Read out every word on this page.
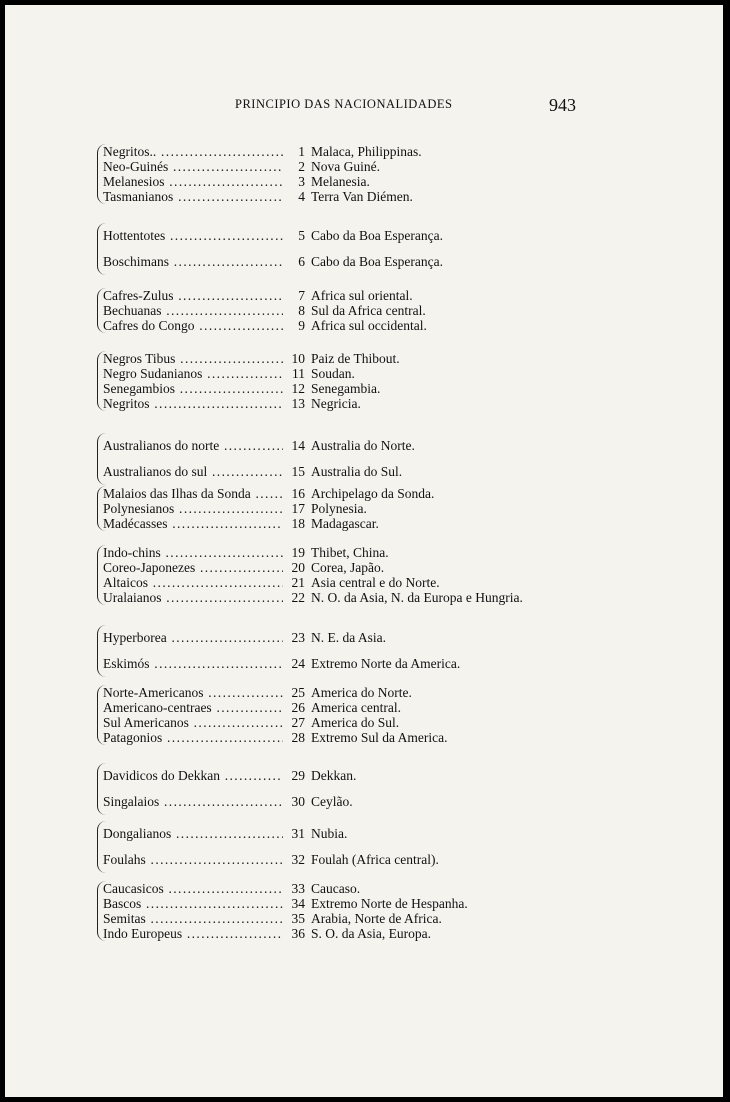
PRINCIPIO DAS NACIONALIDADES	943
Negritos.. .....	1 Malaca, Philippinas.
Neo-Guinés .....	2 Nova Guiné.
Melanesios .....	3 Melanesia.
Tasmanianos .....	4 Terra Van Diémen.
Hottentotes .....	5 Cabo da Boa Esperança.
Boschimans .....	6 Cabo da Boa Esperança.
Cafres-Zulus .....	7 Africa sul oriental.
Bechuanas .....	8 Sul da Africa central.
Cafres do Congo .....	9 Africa sul occidental.
Negros Tibus .....	10 Paiz de Thibout.
Negro Sudanianos .....	11 Soudan.
Senegambios .....	12 Senegambia.
Negritos .....	13 Negricia.
Australianos do norte .....	14 Australia do Norte.
Australianos do sul .....	15 Australia do Sul.
Malaios das Ilhas da Sonda .....	16 Archipelago da Sonda.
Polynesianos .....	17 Polynesia.
Madécasses .....	18 Madagascar.
Indo-chins .....	19 Thibet, China.
Coreo-Japonezes .....	20 Corea, Japão.
Altaicos .....	21 Asia central e do Norte.
Uralaianos .....	22 N. O. da Asia, N. da Europa e Hungria.
Hyperborea .....	23 N. E. da Asia.
Eskimós .....	24 Extremo Norte da America.
Norte-Americanos .....	25 America do Norte.
Americano-centraes .....	26 America central.
Sul Americanos .....	27 America do Sul.
Patagonios .....	28 Extremo Sul da America.
Davidicos do Dekkan .....	29 Dekkan.
Singalaios .....	30 Ceylão.
Dongalianos .....	31 Nubia.
Foulahs .....	32 Foulah (Africa central).
Caucasicos .....	33 Caucaso.
Bascos .....	34 Extremo Norte de Hespanha.
Semitas .....	35 Arabia, Norte de Africa.
Indo Europeus .....	36 S. O. da Asia, Europa.
